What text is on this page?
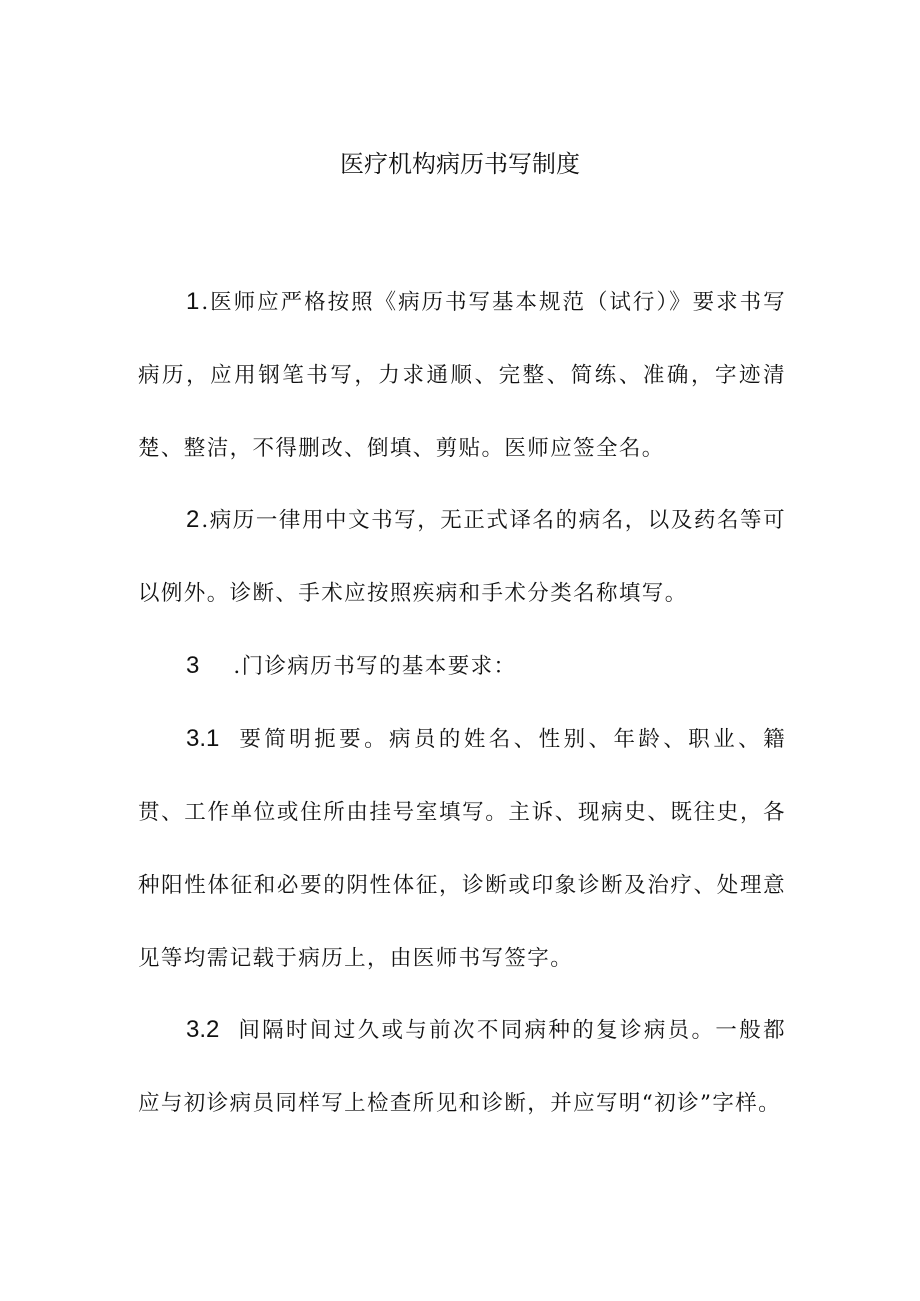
医疗机构病历书写制度
1.医师应严格按照《病历书写基本规范（试行）》要求书写病历，应用钢笔书写，力求通顺、完整、简练、准确，字迹清楚、整洁，不得删改、倒填、剪贴。医师应签全名。
2.病历一律用中文书写，无正式译名的病名，以及药名等可以例外。诊断、手术应按照疾病和手术分类名称填写。
3 .门诊病历书写的基本要求：
3.1 要简明扼要。病员的姓名、性别、年龄、职业、籍贯、工作单位或住所由挂号室填写。主诉、现病史、既往史，各种阳性体征和必要的阴性体征，诊断或印象诊断及治疗、处理意见等均需记载于病历上，由医师书写签字。
3.2 间隔时间过久或与前次不同病种的复诊病员。一般都应与初诊病员同样写上检查所见和诊断，并应写明“初诊”字样。
